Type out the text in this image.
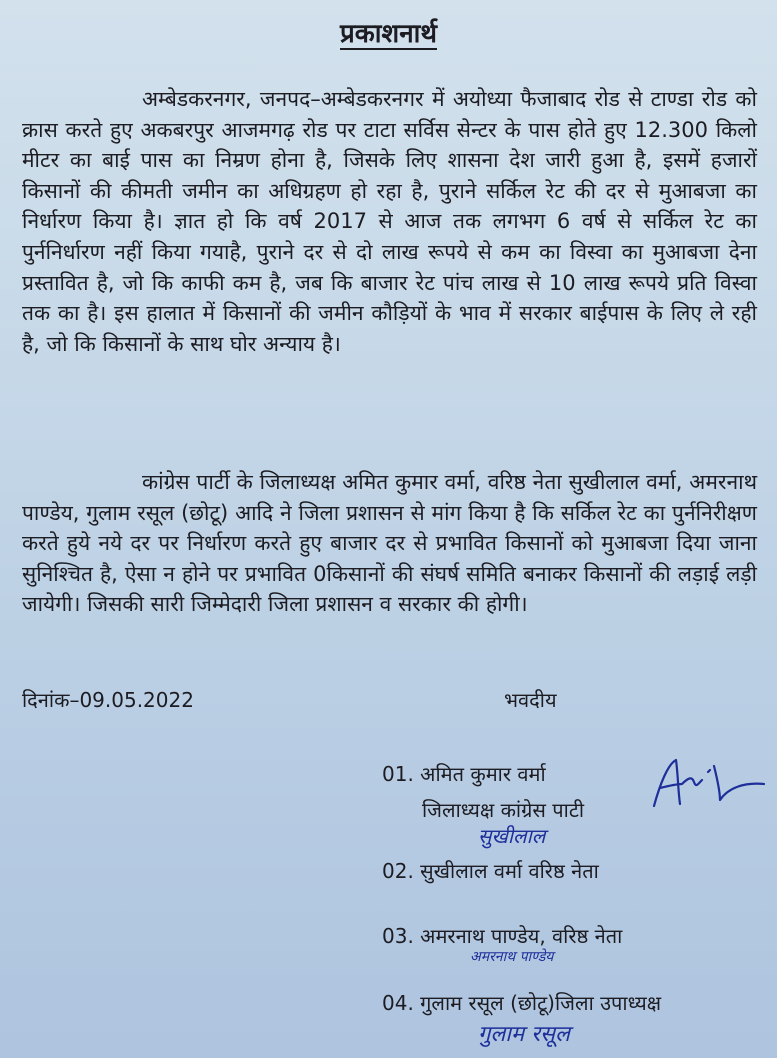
प्रकाशनार्थ

अम्बेडकरनगर, जनपद–अम्बेडकरनगर में अयोध्या फैजाबाद रोड से टाण्डा रोड को क्रास करते हुए अकबरपुर आजमगढ़ रोड पर टाटा सर्विस सेन्टर के पास होते हुए 12.300 किलो मीटर का बाई पास का निम्रण होना है, जिसके लिए शासना देश जारी हुआ है, इसमें हजारों किसानों की कीमती जमीन का अधिग्रहण हो रहा है, पुराने सर्किल रेट की दर से मुआबजा का निर्धारण किया है। ज्ञात हो कि वर्ष 2017 से आज तक लगभग 6 वर्ष से सर्किल रेट का पुर्ननिर्धारण नहीं किया गयाहै, पुराने दर से दो लाख रूपये से कम का विस्वा का मुआबजा देना प्रस्तावित है, जो कि काफी कम है, जब कि बाजार रेट पांच लाख से 10 लाख रूपये प्रति विस्वा तक का है। इस हालात में किसानों की जमीन कौड़ियों के भाव में सरकार बाईपास के लिए ले रही है, जो कि किसानों के साथ घोर अन्याय है।

कांग्रेस पार्टी के जिलाध्यक्ष अमित कुमार वर्मा, वरिष्ठ नेता सुखीलाल वर्मा, अमरनाथ पाण्डेय, गुलाम रसूल (छोटू) आदि ने जिला प्रशासन से मांग किया है कि सर्किल रेट का पुर्ननिरीक्षण करते हुये नये दर पर निर्धारण करते हुए बाजार दर से प्रभावित किसानों को मुआबजा दिया जाना सुनिश्चित है, ऐसा न होने पर प्रभावित 0किसानों की संघर्ष समिति बनाकर किसानों की लड़ाई लड़ी जायेगी। जिसकी सारी जिम्मेदारी जिला प्रशासन व सरकार की होगी।

दिनांक–09.05.2022	भवदीय
01. अमित कुमार वर्मा
जिलाध्यक्ष कांग्रेस पाटी
सुखीलाल
02. सुखीलाल वर्मा वरिष्ठ नेता
03. अमरनाथ पाण्डेय, वरिष्ठ नेता
अमरनाथ पाण्डेय
04. गुलाम रसूल (छोटू)जिला उपाध्यक्ष
गुलाम रसूल
